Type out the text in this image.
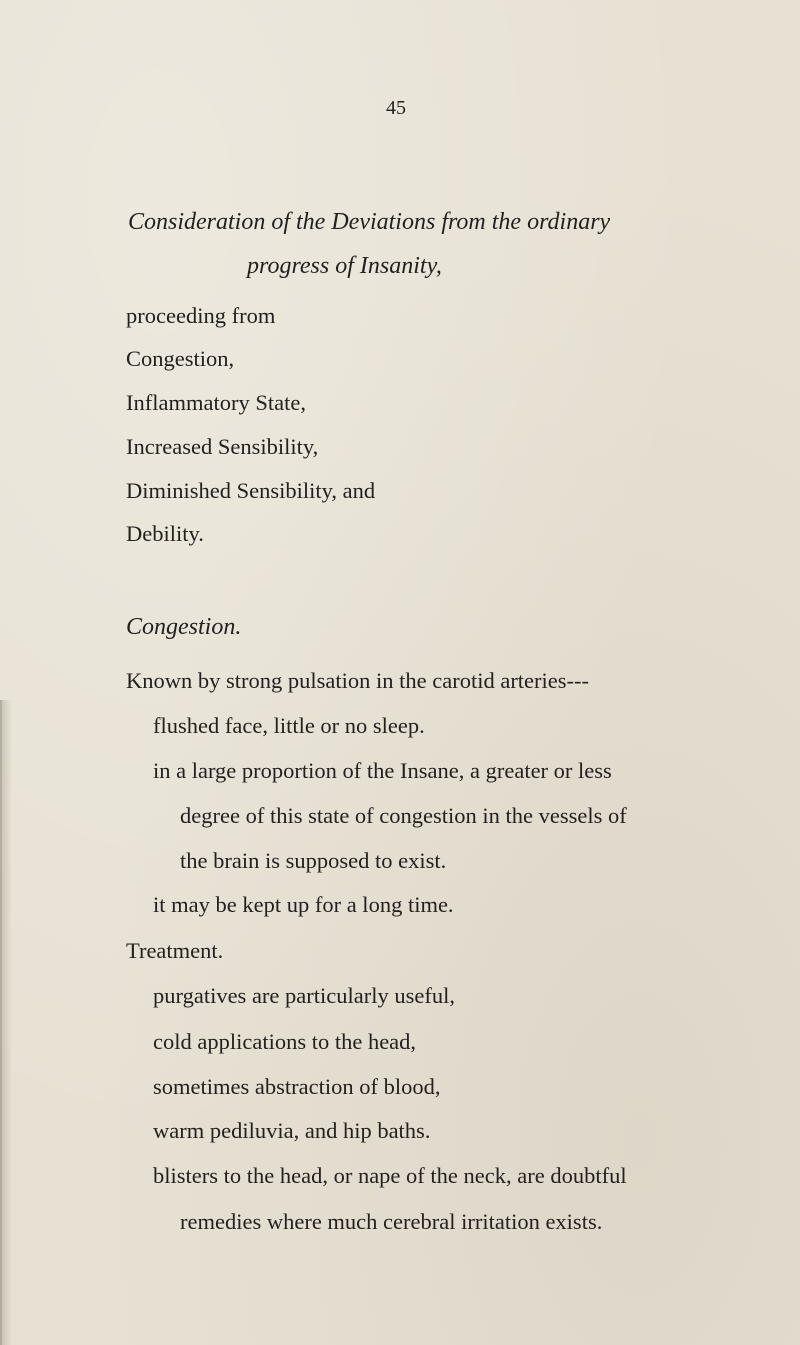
45
Consideration of the Deviations from the ordinary
progress of Insanity,
proceeding from
Congestion,
Inflammatory State,
Increased Sensibility,
Diminished Sensibility, and
Debility.
Congestion.
Known by strong pulsation in the carotid arteries---
flushed face, little or no sleep.
in a large proportion of the Insane, a greater or less
degree of this state of congestion in the vessels of
the brain is supposed to exist.
it may be kept up for a long time.
Treatment.
purgatives are particularly useful,
cold applications to the head,
sometimes abstraction of blood,
warm pediluvia, and hip baths.
blisters to the head, or nape of the neck, are doubtful
remedies where much cerebral irritation exists.
